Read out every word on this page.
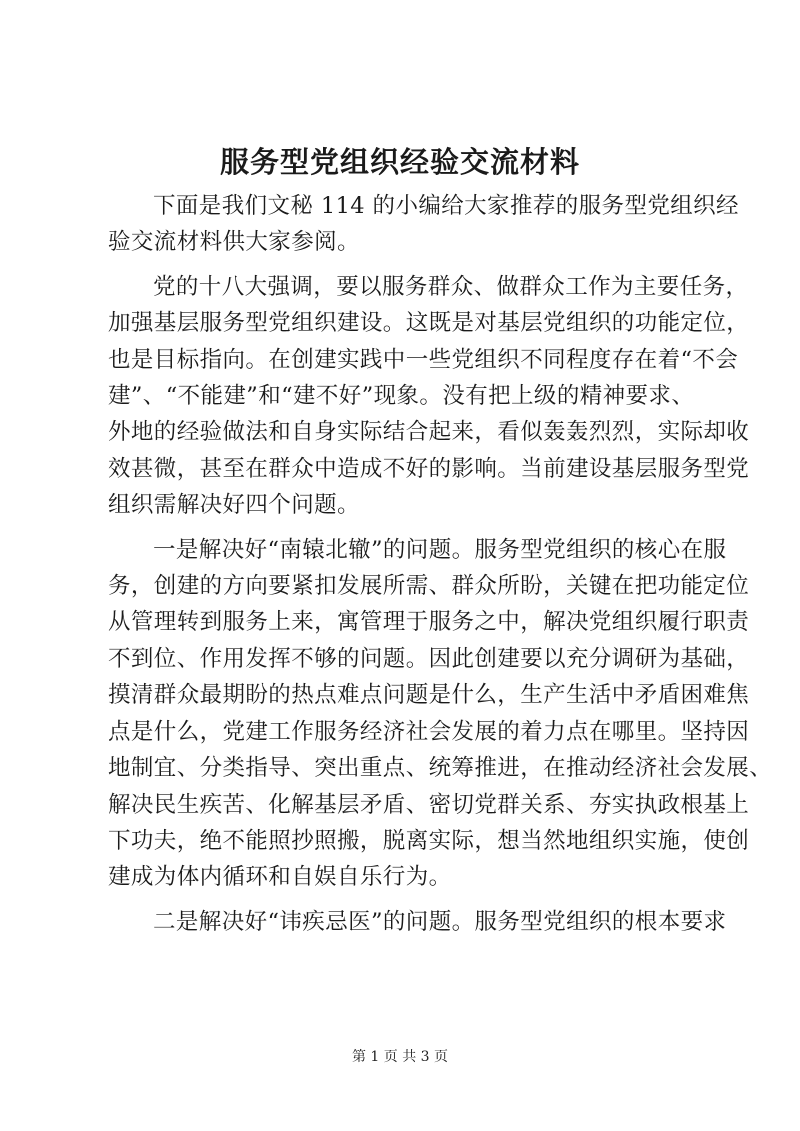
服务型党组织经验交流材料
下面是我们文秘 114 的小编给大家推荐的服务型党组织经
验交流材料供大家参阅。
党的十八大强调，要以服务群众、做群众工作为主要任务，
加强基层服务型党组织建设。这既是对基层党组织的功能定位，
也是目标指向。在创建实践中一些党组织不同程度存在着“不会
建”、“不能建”和“建不好”现象。没有把上级的精神要求、
外地的经验做法和自身实际结合起来，看似轰轰烈烈，实际却收
效甚微，甚至在群众中造成不好的影响。当前建设基层服务型党
组织需解决好四个问题。
一是解决好“南辕北辙”的问题。服务型党组织的核心在服
务，创建的方向要紧扣发展所需、群众所盼，关键在把功能定位
从管理转到服务上来，寓管理于服务之中，解决党组织履行职责
不到位、作用发挥不够的问题。因此创建要以充分调研为基础，
摸清群众最期盼的热点难点问题是什么，生产生活中矛盾困难焦
点是什么，党建工作服务经济社会发展的着力点在哪里。坚持因
地制宜、分类指导、突出重点、统筹推进，在推动经济社会发展、
解决民生疾苦、化解基层矛盾、密切党群关系、夯实执政根基上
下功夫，绝不能照抄照搬，脱离实际，想当然地组织实施，使创
建成为体内循环和自娱自乐行为。
二是解决好“讳疾忌医”的问题。服务型党组织的根本要求
第 1 页 共 3 页
